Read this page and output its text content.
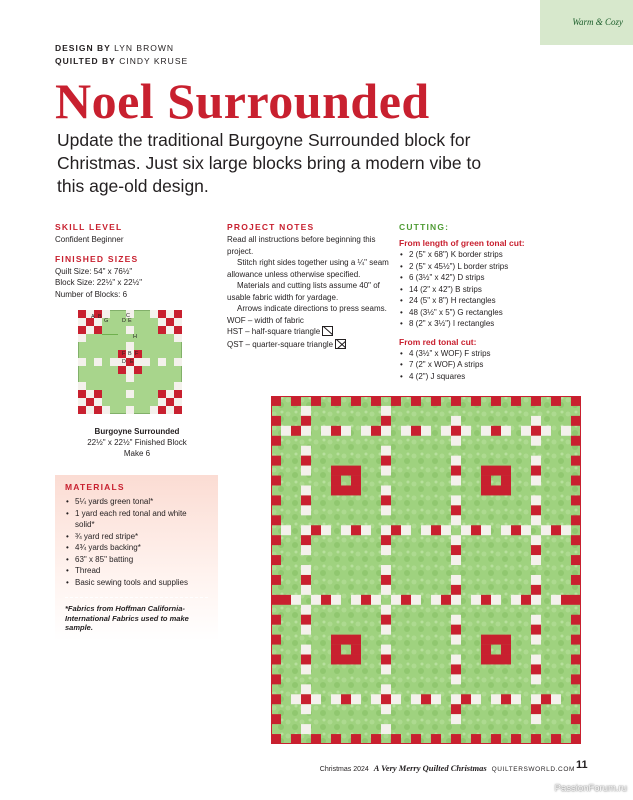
Warm & Cozy
DESIGN BY LYN BROWN
QUILTED BY CINDY KRUSE
Noel Surrounded

Update the traditional Burgoyne Surrounded block for Christmas. Just six large blocks bring a modern vibe to this age-old design.

SKILL LEVEL
Confident Beginner
FINISHED SIZES
Quilt Size: 54" x 76½"
Block Size: 22½" x 22½"
Number of Blocks: 6
A B
G
C
D E
H
F F
B
D E
Burgoyne Surrounded
22½" x 22½" Finished Block
Make 6
MATERIALS
• 5¼ yards green tonal*
• 1 yard each red tonal and white solid*
• ¾ yard red stripe*
• 4¾ yards backing*
• 63" x 85" batting
• Thread
• Basic sewing tools and supplies
*Fabrics from Hoffman California-International Fabrics used to make sample.
PROJECT NOTES
Read all instructions before beginning this project.
Stitch right sides together using a ¼" seam allowance unless otherwise specified.
Materials and cutting lists assume 40" of usable fabric width for yardage.
Arrows indicate directions to press seams.
WOF – width of fabric
HST – half-square triangle
QST – quarter-square triangle
CUTTING:
From length of green tonal cut:
• 2 (5" x 68") K border strips
• 2 (5" x 45½") L border strips
• 6 (3½" x 42") D strips
• 14 (2" x 42") B strips
• 24 (5" x 8") H rectangles
• 48 (3½" x 5") G rectangles
• 8 (2" x 3½") I rectangles
From red tonal cut:
• 4 (3½" x WOF) F strips
• 7 (2" x WOF) A strips
• 4 (2") J squares
Christmas 2024 A Very Merry Quilted Christmas QUILTERSWORLD.COM 11
PassionForum.ru
